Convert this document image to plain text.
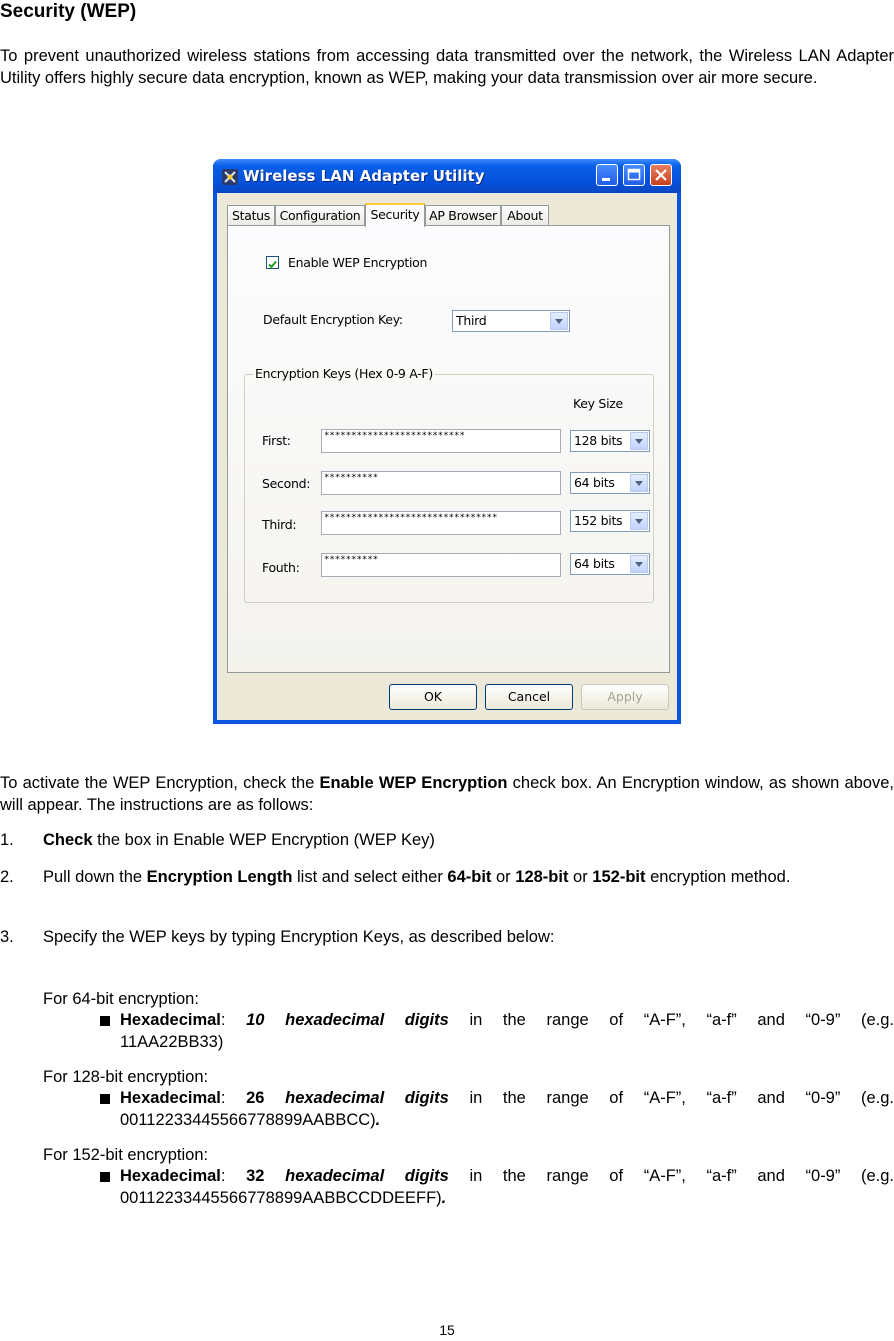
Security (WEP)
To prevent unauthorized wireless stations from accessing data transmitted over the network, the Wireless LAN Adapter Utility offers highly secure data encryption, known as WEP, making your data transmission over air more secure.
Wireless LAN Adapter Utility
Status Configuration Security AP Browser About
Enable WEP Encryption
Default Encryption Key:	Third
Encryption Keys (Hex 0-9 A-F)
Key Size
First:	**************************	128 bits
Second:	**********	64 bits
Third:	********************************	152 bits
Fouth:	**********	64 bits
OK	Cancel	Apply
To activate the WEP Encryption, check the Enable WEP Encryption check box. An Encryption window, as shown above, will appear. The instructions are as follows:
1. Check the box in Enable WEP Encryption (WEP Key)
2. Pull down the Encryption Length list and select either 64-bit or 128-bit or 152-bit encryption method.
3. Specify the WEP keys by typing Encryption Keys, as described below:
For 64-bit encryption:
Hexadecimal: 10 hexadecimal digits in the range of “A-F”, “a-f” and “0-9” (e.g.
11AA22BB33)
For 128-bit encryption:
Hexadecimal: 26 hexadecimal digits in the range of “A-F”, “a-f” and “0-9” (e.g.
00112233445566778899AABBCC).
For 152-bit encryption:
Hexadecimal: 32 hexadecimal digits in the range of “A-F”, “a-f” and “0-9” (e.g.
00112233445566778899AABBCCDDEEFF).
15
